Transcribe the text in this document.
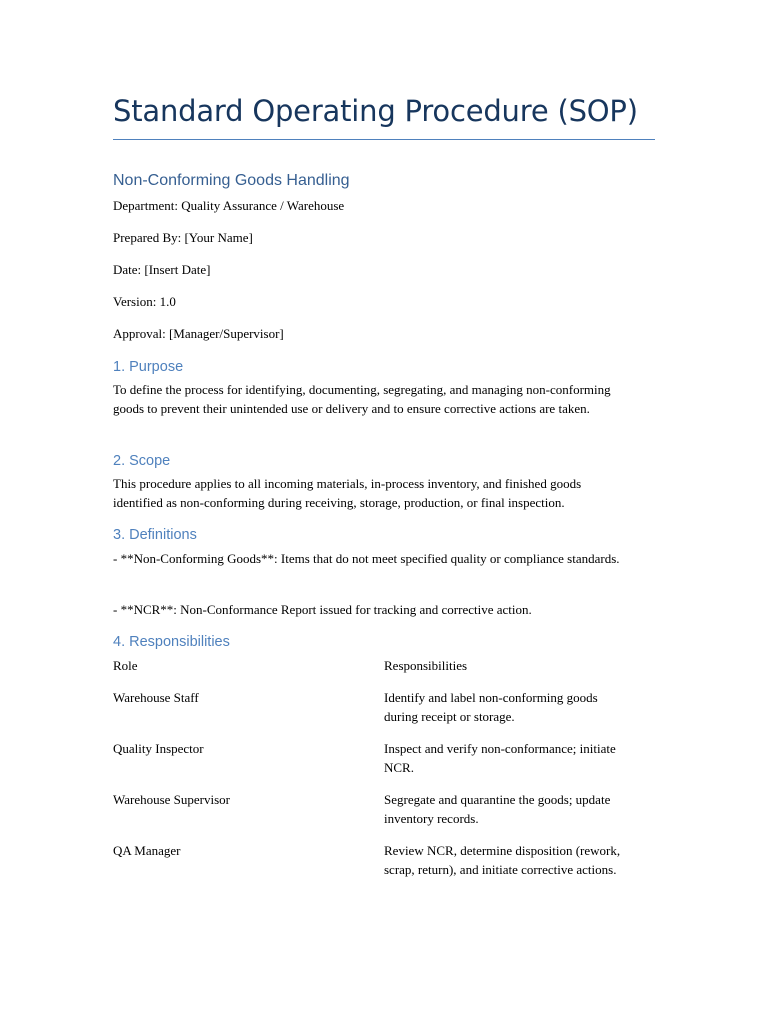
Standard Operating Procedure (SOP)
Non-Conforming Goods Handling

Department: Quality Assurance / Warehouse

Prepared By: [Your Name]

Date: [Insert Date]

Version: 1.0

Approval: [Manager/Supervisor]

1. Purpose

To define the process for identifying, documenting, segregating, and managing non-conforming goods to prevent their unintended use or delivery and to ensure corrective actions are taken.

2. Scope

This procedure applies to all incoming materials, in-process inventory, and finished goods identified as non-conforming during receiving, storage, production, or final inspection.

3. Definitions

- **Non-Conforming Goods**: Items that do not meet specified quality or compliance standards.

- **NCR**: Non-Conformance Report issued for tracking and corrective action.

4. Responsibilities

Role	Responsibilities

Warehouse Staff	Identify and label non-conforming goods during receipt or storage.

Quality Inspector	Inspect and verify non-conformance; initiate NCR.

Warehouse Supervisor	Segregate and quarantine the goods; update inventory records.

QA Manager	Review NCR, determine disposition (rework, scrap, return), and initiate corrective actions.
